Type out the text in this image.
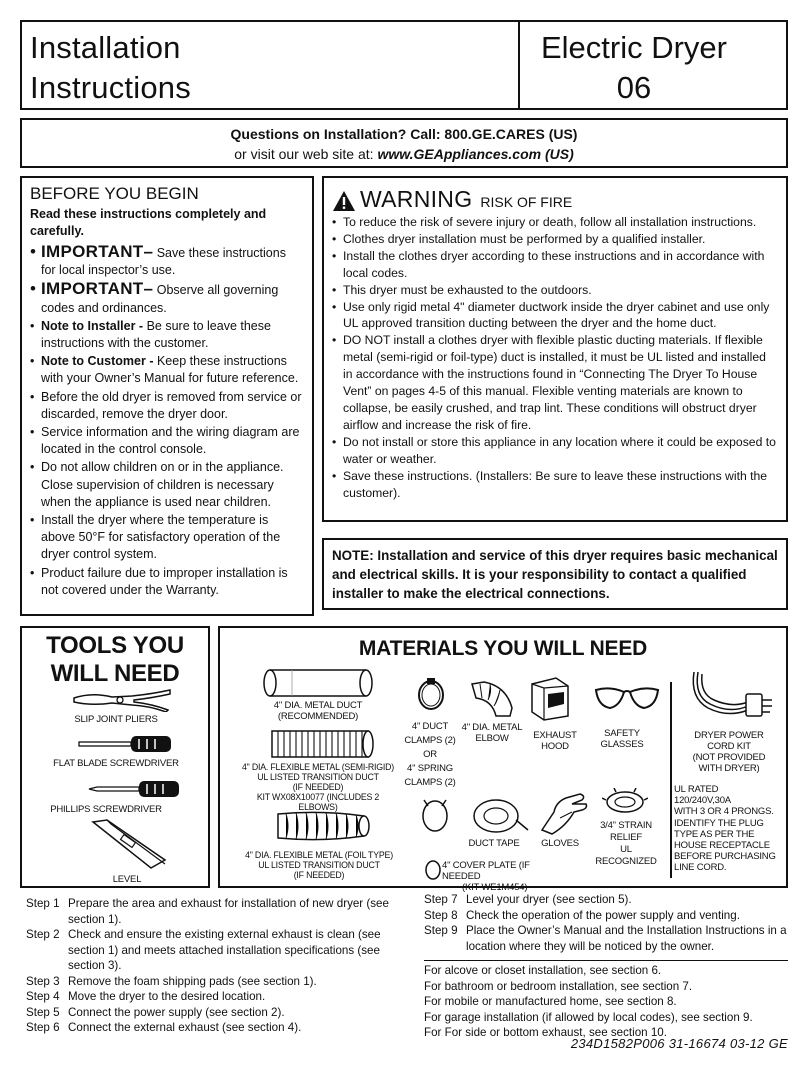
Installation
Instructions
Electric Dryer
06
Questions on Installation? Call: 800.GE.CARES (US)
or visit our web site at: www.GEAppliances.com (US)
BEFORE YOU BEGIN
Read these instructions completely and carefully.
• IMPORTANT– Save these instructions for local inspector’s use.
• IMPORTANT– Observe all governing codes and ordinances.
• Note to Installer - Be sure to leave these instructions with the customer.
• Note to Customer - Keep these instructions with your Owner’s Manual for future reference.
• Before the old dryer is removed from service or discarded, remove the dryer door.
• Service information and the wiring diagram are located in the control console.
• Do not allow children on or in the appliance. Close supervision of children is necessary when the appliance is used near children.
• Install the dryer where the temperature is above 50°F for satisfactory operation of the dryer control system.
• Product failure due to improper installation is not covered under the Warranty.
WARNING RISK OF FIRE
• To reduce the risk of severe injury or death, follow all installation instructions.
• Clothes dryer installation must be performed by a qualified installer.
• Install the clothes dryer according to these instructions and in accordance with local codes.
• This dryer must be exhausted to the outdoors.
• Use only rigid metal 4" diameter ductwork inside the dryer cabinet and use only UL approved transition ducting between the dryer and the home duct.
• DO NOT install a clothes dryer with flexible plastic ducting materials. If flexible metal (semi-rigid or foil-type) duct is installed, it must be UL listed and installed in accordance with the instructions found in “Connecting The Dryer To House Vent” on pages 4-5 of this manual. Flexible venting materials are known to collapse, be easily crushed, and trap lint. These conditions will obstruct dryer airflow and increase the risk of fire.
• Do not install or store this appliance in any location where it could be exposed to water or weather.
• Save these instructions. (Installers: Be sure to leave these instructions with the customer).
NOTE: Installation and service of this dryer requires basic mechanical and electrical skills. It is your responsibility to contact a qualified installer to make the electrical connections.
TOOLS YOU
WILL NEED
SLIP JOINT PLIERS
FLAT BLADE SCREWDRIVER
PHILLIPS SCREWDRIVER
LEVEL
MATERIALS YOU WILL NEED
4" DIA. METAL DUCT
(RECOMMENDED)
4" DIA. FLEXIBLE METAL (SEMI-RIGID)
UL LISTED TRANSITION DUCT
(IF NEEDED)
KIT WX08X10077 (INCLUDES 2 ELBOWS)
4" DIA. FLEXIBLE METAL (FOIL TYPE)
UL LISTED TRANSITION DUCT
(IF NEEDED)
4" DUCT
CLAMPS (2)
OR
4" SPRING
CLAMPS (2)
4" DIA. METAL
ELBOW	EXHAUST
HOOD
SAFETY
GLASSES
DUCT TAPE	GLOVES
3/4" STRAIN
RELIEF
UL RECOGNIZED
4" COVER PLATE (IF NEEDED
(KIT WE1M454)
DRYER POWER
CORD KIT
(NOT PROVIDED
WITH DRYER)
UL RATED
120/240V,30A
WITH 3 OR 4 PRONGS.
IDENTIFY THE PLUG
TYPE AS PER THE
HOUSE RECEPTACLE
BEFORE PURCHASING
LINE CORD.
Step 1 Prepare the area and exhaust for installation of new dryer (see section 1).
Step 2 Check and ensure the existing external exhaust is clean (see section 1) and meets attached installation specifications (see section 3).
Step 3 Remove the foam shipping pads (see section 1).
Step 4 Move the dryer to the desired location.
Step 5 Connect the power supply (see section 2).
Step 6 Connect the external exhaust (see section 4).
Step 7 Level your dryer (see section 5).
Step 8 Check the operation of the power supply and venting.
Step 9 Place the Owner’s Manual and the Installation Instructions in a location where they will be noticed by the owner.
For alcove or closet installation, see section 6.
For bathroom or bedroom installation, see section 7.
For mobile or manufactured home, see section 8.
For garage installation (if allowed by local codes), see section 9.
For For side or bottom exhaust, see section 10.
234D1582P006 31-16674 03-12 GE
